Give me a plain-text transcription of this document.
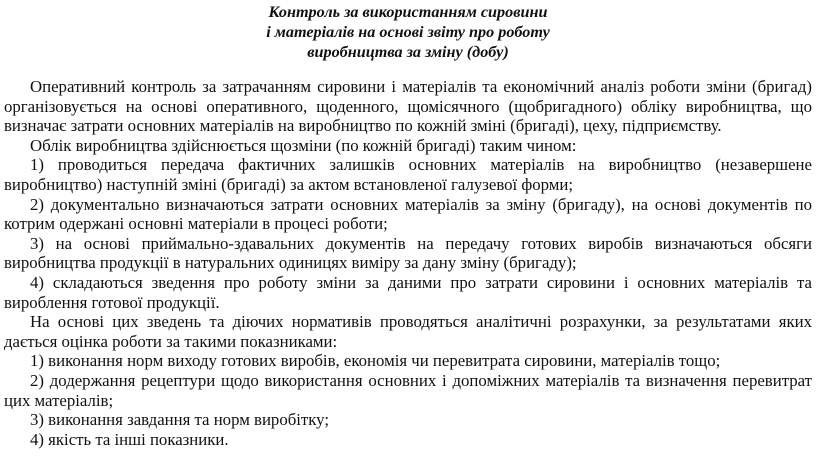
Контроль за використанням сировини
і матеріалів на основі звіту про роботу
виробництва за зміну (добу)

Оперативний контроль за затрачанням сировини і матеріалів та економічний аналіз роботи зміни (бригад) організовується на основі оперативного, щоденного, щомісячного (щобригадного) обліку виробництва, що визначає затрати основних матеріалів на виробництво по кожній зміні (бригаді), цеху, підприємству.

Облік виробництва здійснюється щозміни (по кожній бригаді) таким чином:

1) проводиться передача фактичних залишків основних матеріалів на виробництво (незавершене виробництво) наступній зміні (бригаді) за актом встановленої галузевої форми;

2) документально визначаються затрати основних матеріалів за зміну (бригаду), на основі документів по котрим одержані основні матеріали в процесі роботи;

3) на основі приймально-здавальних документів на передачу готових виробів визначаються обсяги виробництва продукції в натуральних одиницях виміру за дану зміну (бригаду);

4) складаються зведення про роботу зміни за даними про затрати сировини і основних матеріалів та вироблення готової продукції.

На основі цих зведень та діючих нормативів проводяться аналітичні розрахунки, за результатами яких дається оцінка роботи за такими показниками:

1) виконання норм виходу готових виробів, економія чи перевитрата сировини, матеріалів тощо;

2) додержання рецептури щодо використання основних і допоміжних матеріалів та визначення перевитрат цих матеріалів;

3) виконання завдання та норм виробітку;

4) якість та інші показники.
